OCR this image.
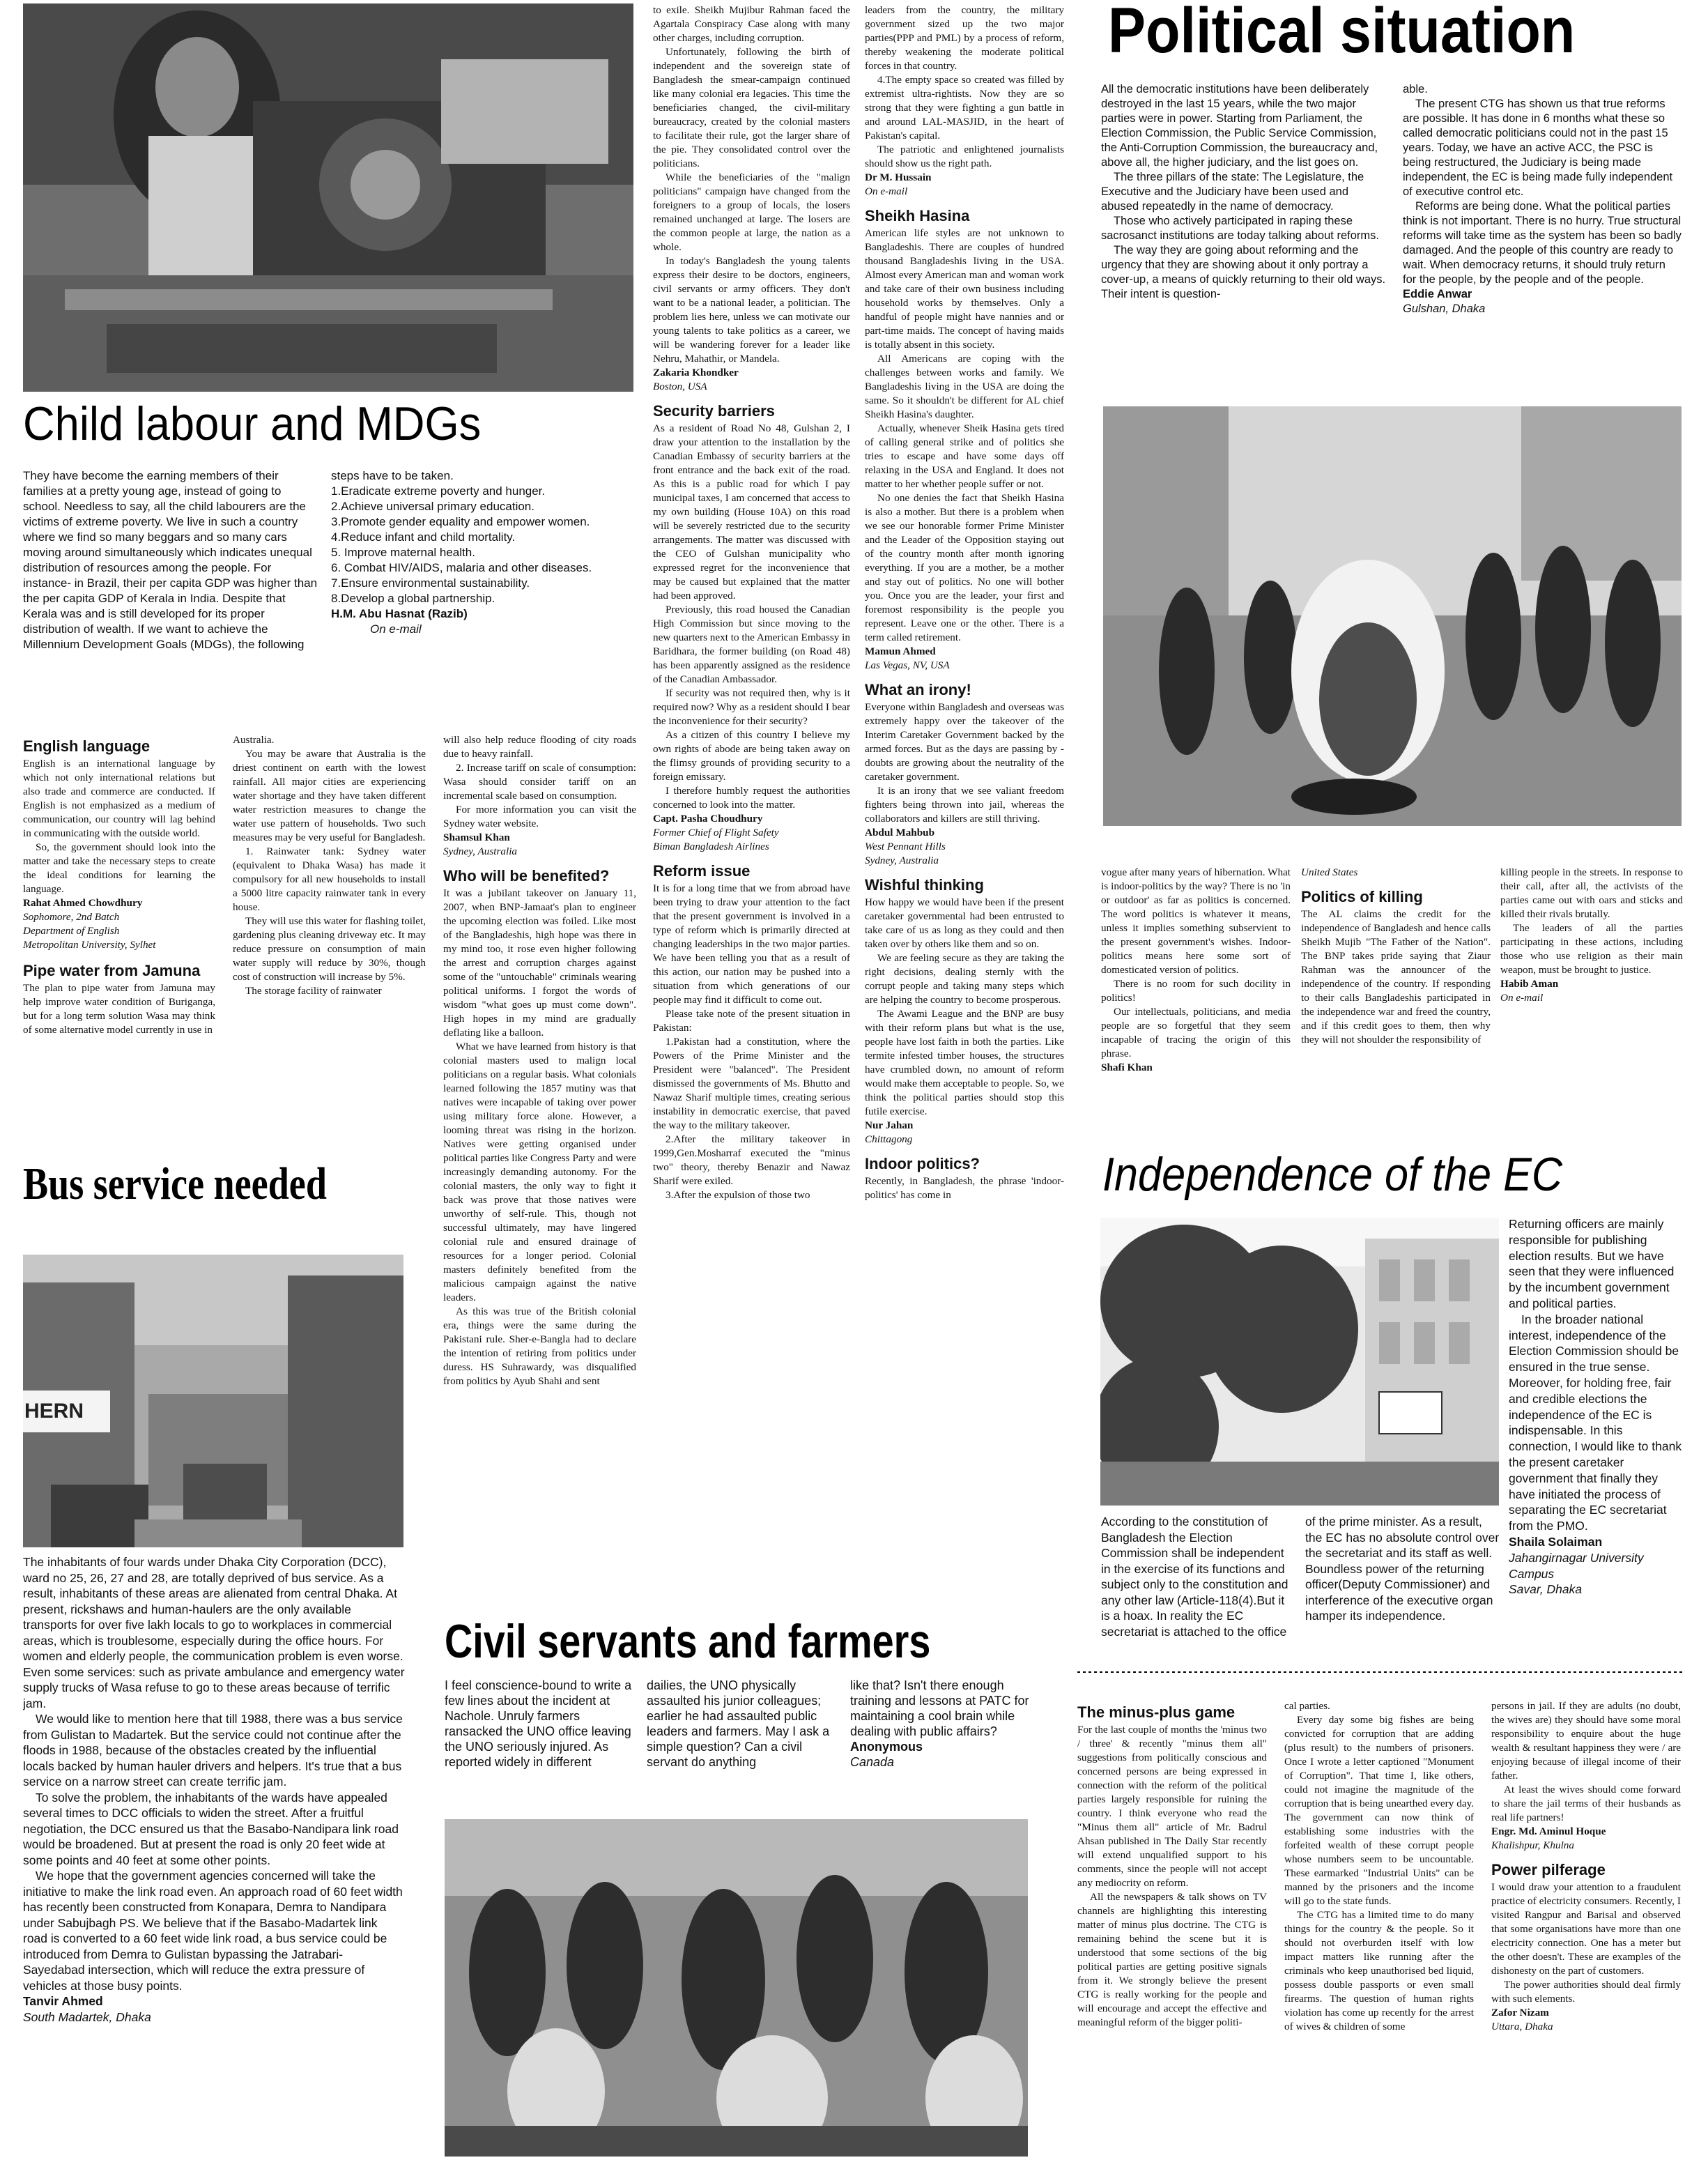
HERN
Child labour and MDGs
Political situation
Bus service needed	Independence of the EC
Civil servants and farmers

They have become the earning members of their families at a pretty young age, instead of going to school. Needless to say, all the child labourers are the victims of extreme poverty. We live in such a country where we find so many beggars and so many cars moving around simultaneously which indicates unequal distribution of resources among the people. For instance- in Brazil, their per capita GDP was higher than the per capita GDP of Kerala in India. Despite that Kerala was and is still developed for its proper distribution of wealth. If we want to achieve the Millennium Development Goals (MDGs), the following

steps have to be taken.

1.Eradicate extreme poverty and hunger.

2.Achieve universal primary education.

3.Promote gender equality and empower women.

4.Reduce infant and child mortality.

5. Improve maternal health.

6. Combat HIV/AIDS, malaria and other diseases.

7.Ensure environmental sustainability.

8.Develop a global partnership.

H.M. Abu Hasnat (Razib)

On e-mail

English language

English is an international language by which not only international relations but also trade and commerce are conducted. If English is not emphasized as a medium of communication, our country will lag behind in communicating with the outside world.

So, the government should look into the matter and take the necessary steps to create the ideal conditions for learning the language.

Rahat Ahmed Chowdhury

Sophomore, 2nd Batch

Department of English

Metropolitan University, Sylhet

Pipe water from Jamuna

The plan to pipe water from Jamuna may help improve water condition of Buriganga, but for a long term solution Wasa may think of some alternative model currently in use in

Australia.

You may be aware that Australia is the driest continent on earth with the lowest rainfall. All major cities are experiencing water shortage and they have taken different water restriction measures to change the water use pattern of households. Two such measures may be very useful for Bangladesh.

1. Rainwater tank: Sydney water (equivalent to Dhaka Wasa) has made it compulsory for all new households to install a 5000 litre capacity rainwater tank in every house.

They will use this water for flashing toilet, gardening plus cleaning driveway etc. It may reduce pressure on consumption of main water supply will reduce by 30%, though cost of construction will increase by 5%.

The storage facility of rainwater

will also help reduce flooding of city roads due to heavy rainfall.

2. Increase tariff on scale of consumption: Wasa should consider tariff on an incremental scale based on consumption.

For more information you can visit the Sydney water website.

Shamsul Khan

Sydney, Australia

Who will be benefited?

It was a jubilant takeover on January 11, 2007, when BNP-Jamaat's plan to engineer the upcoming election was foiled. Like most of the Bangladeshis, high hope was there in my mind too, it rose even higher following the arrest and corruption charges against some of the "untouchable" criminals wearing political uniforms. I forgot the words of wisdom "what goes up must come down". High hopes in my mind are gradually deflating like a balloon.

What we have learned from history is that colonial masters used to malign local politicians on a regular basis. What colonials learned following the 1857 mutiny was that natives were incapable of taking over power using military force alone. However, a looming threat was rising in the horizon. Natives were getting organised under political parties like Congress Party and were increasingly demanding autonomy. For the colonial masters, the only way to fight it back was prove that those natives were unworthy of self-rule. This, though not successful ultimately, may have lingered colonial rule and ensured drainage of resources for a longer period. Colonial masters definitely benefited from the malicious campaign against the native leaders.

As this was true of the British colonial era, things were the same during the Pakistani rule. Sher-e-Bangla had to declare the intention of retiring from politics under duress. HS Suhrawardy, was disqualified from politics by Ayub Shahi and sent

to exile. Sheikh Mujibur Rahman faced the Agartala Conspiracy Case along with many other charges, including corruption.

Unfortunately, following the birth of independent and the sovereign state of Bangladesh the smear-campaign continued like many colonial era legacies. This time the beneficiaries changed, the civil-military bureaucracy, created by the colonial masters to facilitate their rule, got the larger share of the pie. They consolidated control over the politicians.

While the beneficiaries of the "malign politicians" campaign have changed from the foreigners to a group of locals, the losers remained unchanged at large. The losers are the common people at large, the nation as a whole.

In today's Bangladesh the young talents express their desire to be doctors, engineers, civil servants or army officers. They don't want to be a national leader, a politician. The problem lies here, unless we can motivate our young talents to take politics as a career, we will be wandering forever for a leader like Nehru, Mahathir, or Mandela.

Zakaria Khondker

Boston, USA

Security barriers

As a resident of Road No 48, Gulshan 2, I draw your attention to the installation by the Canadian Embassy of security barriers at the front entrance and the back exit of the road. As this is a public road for which I pay municipal taxes, I am concerned that access to my own building (House 10A) on this road will be severely restricted due to the security arrangements. The matter was discussed with the CEO of Gulshan municipality who expressed regret for the inconvenience that may be caused but explained that the matter had been approved.

Previously, this road housed the Canadian High Commission but since moving to the new quarters next to the American Embassy in Baridhara, the former building (on Road 48) has been apparently assigned as the residence of the Canadian Ambassador.

If security was not required then, why is it required now? Why as a resident should I bear the inconvenience for their security?

As a citizen of this country I believe my own rights of abode are being taken away on the flimsy grounds of providing security to a foreign emissary.

I therefore humbly request the authorities concerned to look into the matter.

Capt. Pasha Choudhury

Former Chief of Flight Safety

Biman Bangladesh Airlines

Reform issue

It is for a long time that we from abroad have been trying to draw your attention to the fact that the present government is involved in a type of reform which is primarily directed at changing leaderships in the two major parties. We have been telling you that as a result of this action, our nation may be pushed into a situation from which generations of our people may find it difficult to come out.

Please take note of the present situation in Pakistan:

1.Pakistan had a constitution, where the Powers of the Prime Minister and the President were "balanced". The President dismissed the governments of Ms. Bhutto and Nawaz Sharif multiple times, creating serious instability in democratic exercise, that paved the way to the military takeover.

2.After the military takeover in 1999,Gen.Mosharraf executed the "minus two" theory, thereby Benazir and Nawaz Sharif were exiled.

3.After the expulsion of those two

leaders from the country, the military government sized up the two major parties(PPP and PML) by a process of reform, thereby weakening the moderate political forces in that country.

4.The empty space so created was filled by extremist ultra-rightists. Now they are so strong that they were fighting a gun battle in and around LAL-MASJID, in the heart of Pakistan's capital.

The patriotic and enlightened journalists should show us the right path.

Dr M. Hussain

On e-mail

Sheikh Hasina

American life styles are not unknown to Bangladeshis. There are couples of hundred thousand Bangladeshis living in the USA. Almost every American man and woman work and take care of their own business including household works by themselves. Only a handful of people might have nannies and or part-time maids. The concept of having maids is totally absent in this society.

All Americans are coping with the challenges between works and family. We Bangladeshis living in the USA are doing the same. So it shouldn't be different for AL chief Sheikh Hasina's daughter.

Actually, whenever Sheik Hasina gets tired of calling general strike and of politics she tries to escape and have some days off relaxing in the USA and England. It does not matter to her whether people suffer or not.

No one denies the fact that Sheikh Hasina is also a mother. But there is a problem when we see our honorable former Prime Minister and the Leader of the Opposition staying out of the country month after month ignoring everything. If you are a mother, be a mother and stay out of politics. No one will bother you. Once you are the leader, your first and foremost responsibility is the people you represent. Leave one or the other. There is a term called retirement.

Mamun Ahmed

Las Vegas, NV, USA

What an irony!

Everyone within Bangladesh and overseas was extremely happy over the takeover of the Interim Caretaker Government backed by the armed forces. But as the days are passing by - doubts are growing about the neutrality of the caretaker government.

It is an irony that we see valiant freedom fighters being thrown into jail, whereas the collaborators and killers are still thriving.

Abdul Mahbub

West Pennant Hills

Sydney, Australia

Wishful thinking

How happy we would have been if the present caretaker governmental had been entrusted to take care of us as long as they could and then taken over by others like them and so on.

We are feeling secure as they are taking the right decisions, dealing sternly with the corrupt people and taking many steps which are helping the country to become prosperous.

The Awami League and the BNP are busy with their reform plans but what is the use, people have lost faith in both the parties. Like termite infested timber houses, the structures have crumbled down, no amount of reform would make them acceptable to people. So, we think the political parties should stop this futile exercise.

Nur Jahan

Chittagong

Indoor politics?

Recently, in Bangladesh, the phrase 'indoor-politics' has come in

All the democratic institutions have been deliberately destroyed in the last 15 years, while the two major parties were in power. Starting from Parliament, the Election Commission, the Public Service Commission, the Anti-Corruption Commission, the bureaucracy and, above all, the higher judiciary, and the list goes on.

The three pillars of the state: The Legislature, the Executive and the Judiciary have been used and abused repeatedly in the name of democracy.

Those who actively participated in raping these sacrosanct institutions are today talking about reforms.

The way they are going about reforming and the urgency that they are showing about it only portray a cover-up, a means of quickly returning to their old ways. Their intent is question-

able.

The present CTG has shown us that true reforms are possible. It has done in 6 months what these so called democratic politicians could not in the past 15 years. Today, we have an active ACC, the PSC is being restructured, the Judiciary is being made independent, the EC is being made fully independent of executive control etc.

Reforms are being done. What the political parties think is not important. There is no hurry. True structural reforms will take time as the system has been so badly damaged. And the people of this country are ready to wait. When democracy returns, it should truly return for the people, by the people and of the people.

Eddie Anwar

Gulshan, Dhaka

vogue after many years of hibernation. What is indoor-politics by the way? There is no 'in or outdoor' as far as politics is concerned. The word politics is whatever it means, unless it implies something subservient to the present government's wishes. Indoor-politics means here some sort of domesticated version of politics.

There is no room for such docility in politics!

Our intellectuals, politicians, and media people are so forgetful that they seem incapable of tracing the origin of this phrase.

Shafi Khan

United States

Politics of killing

The AL claims the credit for the independence of Bangladesh and hence calls Sheikh Mujib "The Father of the Nation". The BNP takes pride saying that Ziaur Rahman was the announcer of the independence of the country. If responding to their calls Bangladeshis participated in the independence war and freed the country, and if this credit goes to them, then why they will not shoulder the responsibility of

killing people in the streets. In response to their call, after all, the activists of the parties came out with oars and sticks and killed their rivals brutally.

The leaders of all the parties participating in these actions, including those who use religion as their main weapon, must be brought to justice.

Habib Aman

On e-mail

The inhabitants of four wards under Dhaka City Corporation (DCC), ward no 25, 26, 27 and 28, are totally deprived of bus service. As a result, inhabitants of these areas are alienated from central Dhaka. At present, rickshaws and human-haulers are the only available transports for over five lakh locals to go to workplaces in commercial areas, which is troublesome, especially during the office hours. For women and elderly people, the communication problem is even worse. Even some services: such as private ambulance and emergency water supply trucks of Wasa refuse to go to these areas because of terrific jam.

We would like to mention here that till 1988, there was a bus service from Gulistan to Madartek. But the service could not continue after the floods in 1988, because of the obstacles created by the influential locals backed by human hauler drivers and helpers. It's true that a bus service on a narrow street can create terrific jam.

To solve the problem, the inhabitants of the wards have appealed several times to DCC officials to widen the street. After a fruitful negotiation, the DCC ensured us that the Basabo-Nandipara link road would be broadened. But at present the road is only 20 feet wide at some points and 40 feet at some other points.

We hope that the government agencies concerned will take the initiative to make the link road even. An approach road of 60 feet width has recently been constructed from Konapara, Demra to Nandipara under Sabujbagh PS. We believe that if the Basabo-Madartek link road is converted to a 60 feet wide link road, a bus service could be introduced from Demra to Gulistan bypassing the Jatrabari- Sayedabad intersection, which will reduce the extra pressure of vehicles at those busy points.

Tanvir Ahmed

South Madartek, Dhaka

I feel conscience-bound to write a few lines about the incident at Nachole. Unruly farmers ransacked the UNO office leaving the UNO seriously injured. As reported widely in different

dailies, the UNO physically assaulted his junior colleagues; earlier he had assaulted public leaders and farmers. May I ask a simple question? Can a civil servant do anything

like that? Isn't there enough training and lessons at PATC for maintaining a cool brain while dealing with public affairs?

Anonymous

Canada

Returning officers are mainly responsible for publishing election results. But we have seen that they were influenced by the incumbent government and political parties.

In the broader national interest, independence of the Election Commission should be ensured in the true sense. Moreover, for holding free, fair and credible elections the independence of the EC is indispensable. In this connection, I would like to thank the present caretaker government that finally they have initiated the process of separating the EC secretariat from the PMO.

Shaila Solaiman

Jahangirnagar University

Campus

Savar, Dhaka

According to the constitution of Bangladesh the Election Commission shall be independent in the exercise of its functions and subject only to the constitution and any other law (Article-118(4).But it is a hoax. In reality the EC secretariat is attached to the office

of the prime minister. As a result, the EC has no absolute control over the secretariat and its staff as well. Boundless power of the returning officer(Deputy Commissioner) and interference of the executive organ hamper its independence.

The minus-plus game

For the last couple of months the 'minus two / three' & recently "minus them all" suggestions from politically conscious and concerned persons are being expressed in connection with the reform of the political parties largely responsible for ruining the country. I think everyone who read the "Minus them all" article of Mr. Badrul Ahsan published in The Daily Star recently will extend unqualified support to his comments, since the people will not accept any mediocrity on reform.

All the newspapers & talk shows on TV channels are highlighting this interesting matter of minus plus doctrine. The CTG is remaining behind the scene but it is understood that some sections of the big political parties are getting positive signals from it. We strongly believe the present CTG is really working for the people and will encourage and accept the effective and meaningful reform of the bigger politi-

cal parties.

Every day some big fishes are being convicted for corruption that are adding (plus result) to the numbers of prisoners. Once I wrote a letter captioned "Monument of Corruption". That time I, like others, could not imagine the magnitude of the corruption that is being unearthed every day. The government can now think of establishing some industries with the forfeited wealth of these corrupt people whose numbers seem to be uncountable. These earmarked "Industrial Units" can be manned by the prisoners and the income will go to the state funds.

The CTG has a limited time to do many things for the country & the people. So it should not overburden itself with low impact matters like running after the criminals who keep unauthorised bed liquid, possess double passports or even small firearms. The question of human rights violation has come up recently for the arrest of wives & children of some

persons in jail. If they are adults (no doubt, the wives are) they should have some moral responsibility to enquire about the huge wealth & resultant happiness they were / are enjoying because of illegal income of their father.

At least the wives should come forward to share the jail terms of their husbands as real life partners!

Engr. Md. Aminul Hoque

Khalishpur, Khulna

Power pilferage

I would draw your attention to a fraudulent practice of electricity consumers. Recently, I visited Rangpur and Barisal and observed that some organisations have more than one electricity connection. One has a meter but the other doesn't. These are examples of the dishonesty on the part of customers.

The power authorities should deal firmly with such elements.

Zafor Nizam

Uttara, Dhaka
